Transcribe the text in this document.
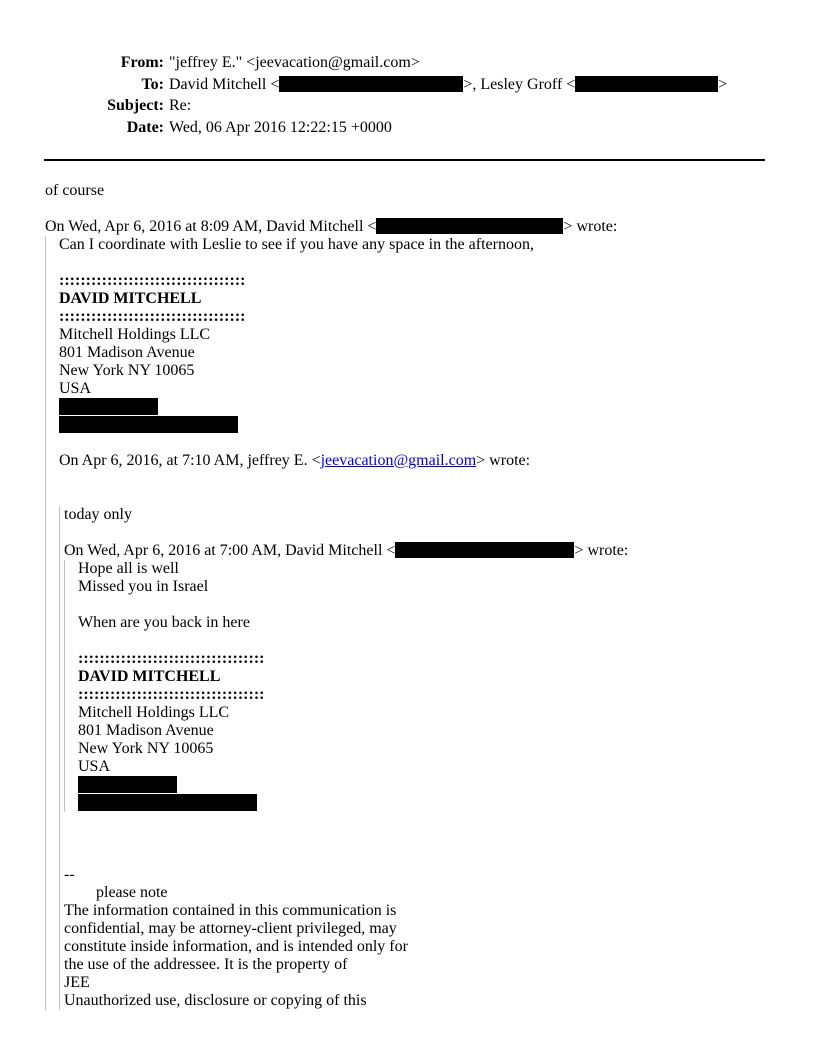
From: "jeffrey E." <jeevacation@gmail.com>
To: David Mitchell <	>, Lesley Groff <	>
Subject: Re:
Date: Wed, 06 Apr 2016 12:22:15 +0000
of course
On Wed, Apr 6, 2016 at 8:09 AM, David Mitchell <	> wrote:
Can I coordinate with Leslie to see if you have any space in the afternoon,
:::::::::::::::::::::::::::::::::::
DAVID MITCHELL
:::::::::::::::::::::::::::::::::::
Mitchell Holdings LLC
801 Madison Avenue
New York NY 10065
USA
On Apr 6, 2016, at 7:10 AM, jeffrey E. <jeevacation@gmail.com> wrote:
today only
On Wed, Apr 6, 2016 at 7:00 AM, David Mitchell <	> wrote:
Hope all is well
Missed you in Israel
When are you back in here
:::::::::::::::::::::::::::::::::::
DAVID MITCHELL
:::::::::::::::::::::::::::::::::::
Mitchell Holdings LLC
801 Madison Avenue
New York NY 10065
USA
--
please note
The information contained in this communication is
confidential, may be attorney-client privileged, may
constitute inside information, and is intended only for
the use of the addressee. It is the property of
JEE
Unauthorized use, disclosure or copying of this
